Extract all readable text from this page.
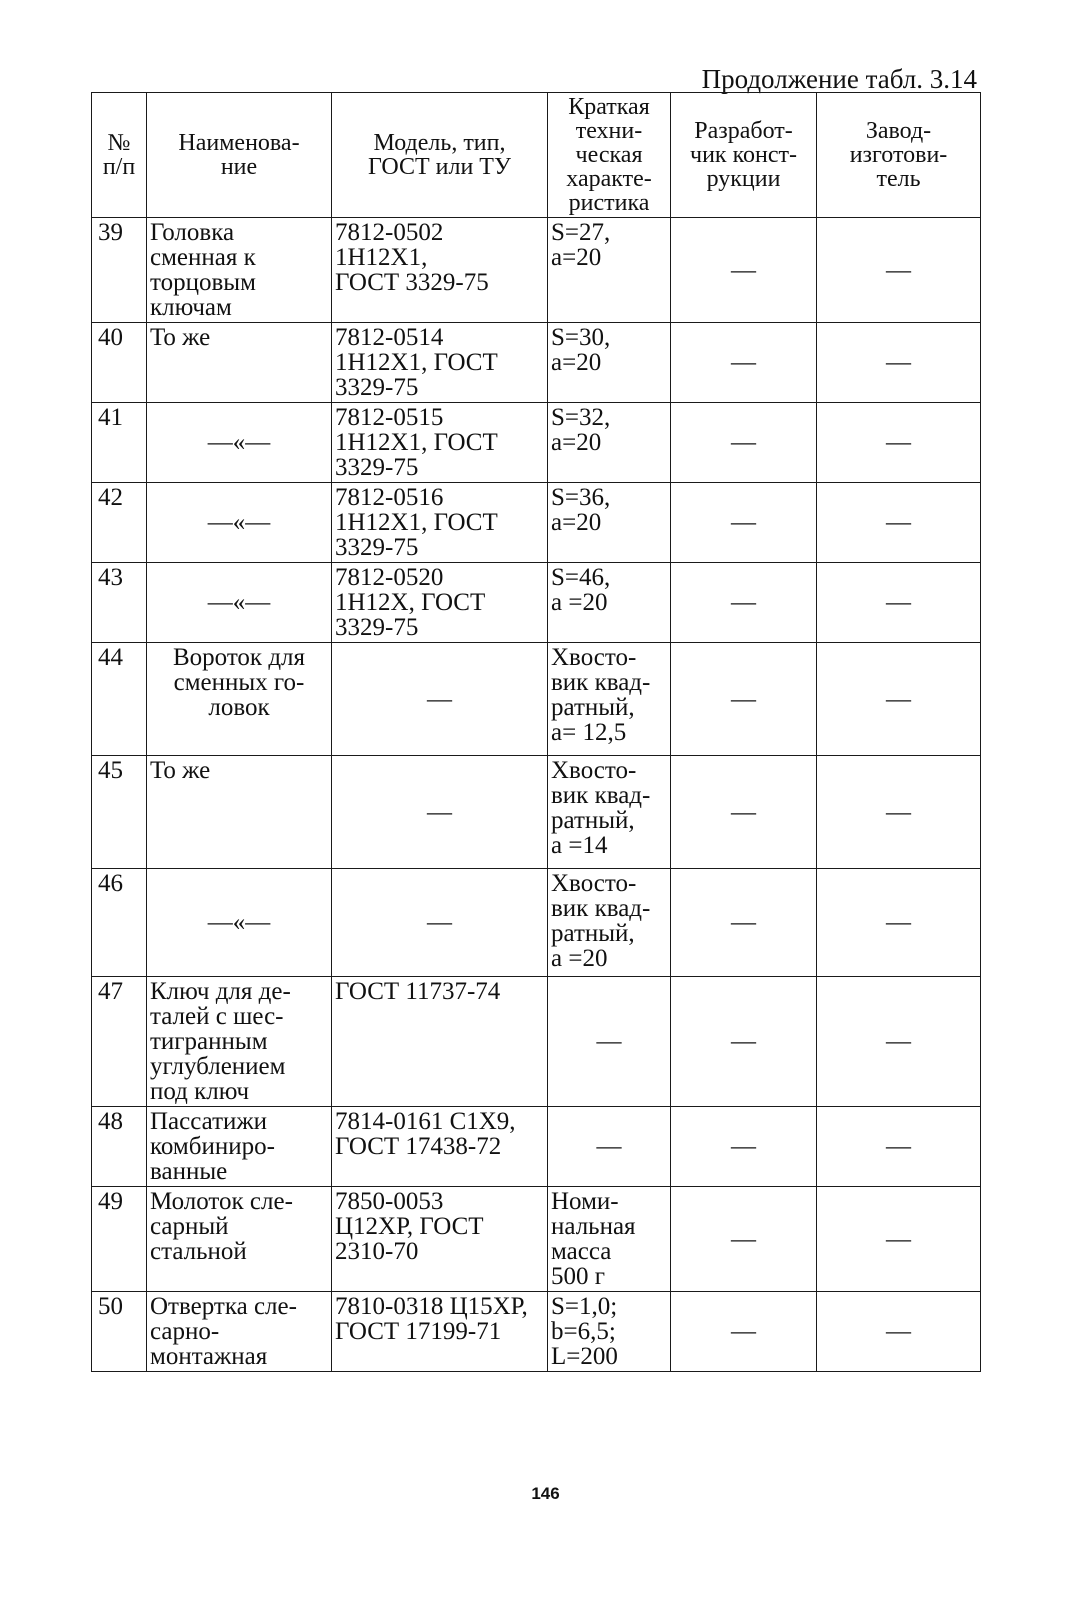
Продолжение табл. 3.14
№
п/п	Наименова-
ние	Модель, тип,
ГОСТ или ТУ	Краткая
техни-
ческая
характе-
ристика	Разработ-
чик конст-
рукции	Завод-
изготови-
тель
39	Головка
сменная к
торцовым
ключам	7812-0502
1Н12Х1,
ГОСТ 3329-75	S=27,
a=20	—	—
40	То же	7812-0514
1Н12Х1, ГОСТ
3329-75	S=30,
a=20	—	—
41	—«—	7812-0515
1Н12Х1, ГОСТ
3329-75	S=32,
a=20	—	—
42	—«—	7812-0516
1Н12Х1, ГОСТ
3329-75	S=36,
a=20	—	—
43	—«—	7812-0520
1Н12Х, ГОСТ
3329-75	S=46,
a =20	—	—
44	Вороток для
сменных го-
ловок	—	Хвосто-
вик квад-
ратный,
a= 12,5	—	—
45	То же	—	Хвосто-
вик квад-
ратный,
a =14	—	—
46	—«—	—	Хвосто-
вик квад-
ратный,
a =20	—	—
47	Ключ для де-
талей с шес-
тигранным
углублением
под ключ	ГОСТ 11737-74	—	—	—
48	Пассатижи
комбиниро-
ванные	7814-0161 С1Х9,
ГОСТ 17438-72	—	—	—
49	Молоток сле-
сарный
стальной	7850-0053
Ц12ХР, ГОСТ
2310-70	Номи-
нальная
масса
500 г	—	—
50	Отвертка сле-
сарно-
монтажная	7810-0318 Ц15ХР,
ГОСТ 17199-71	S=1,0;
b=6,5;
L=200	—	—
146
